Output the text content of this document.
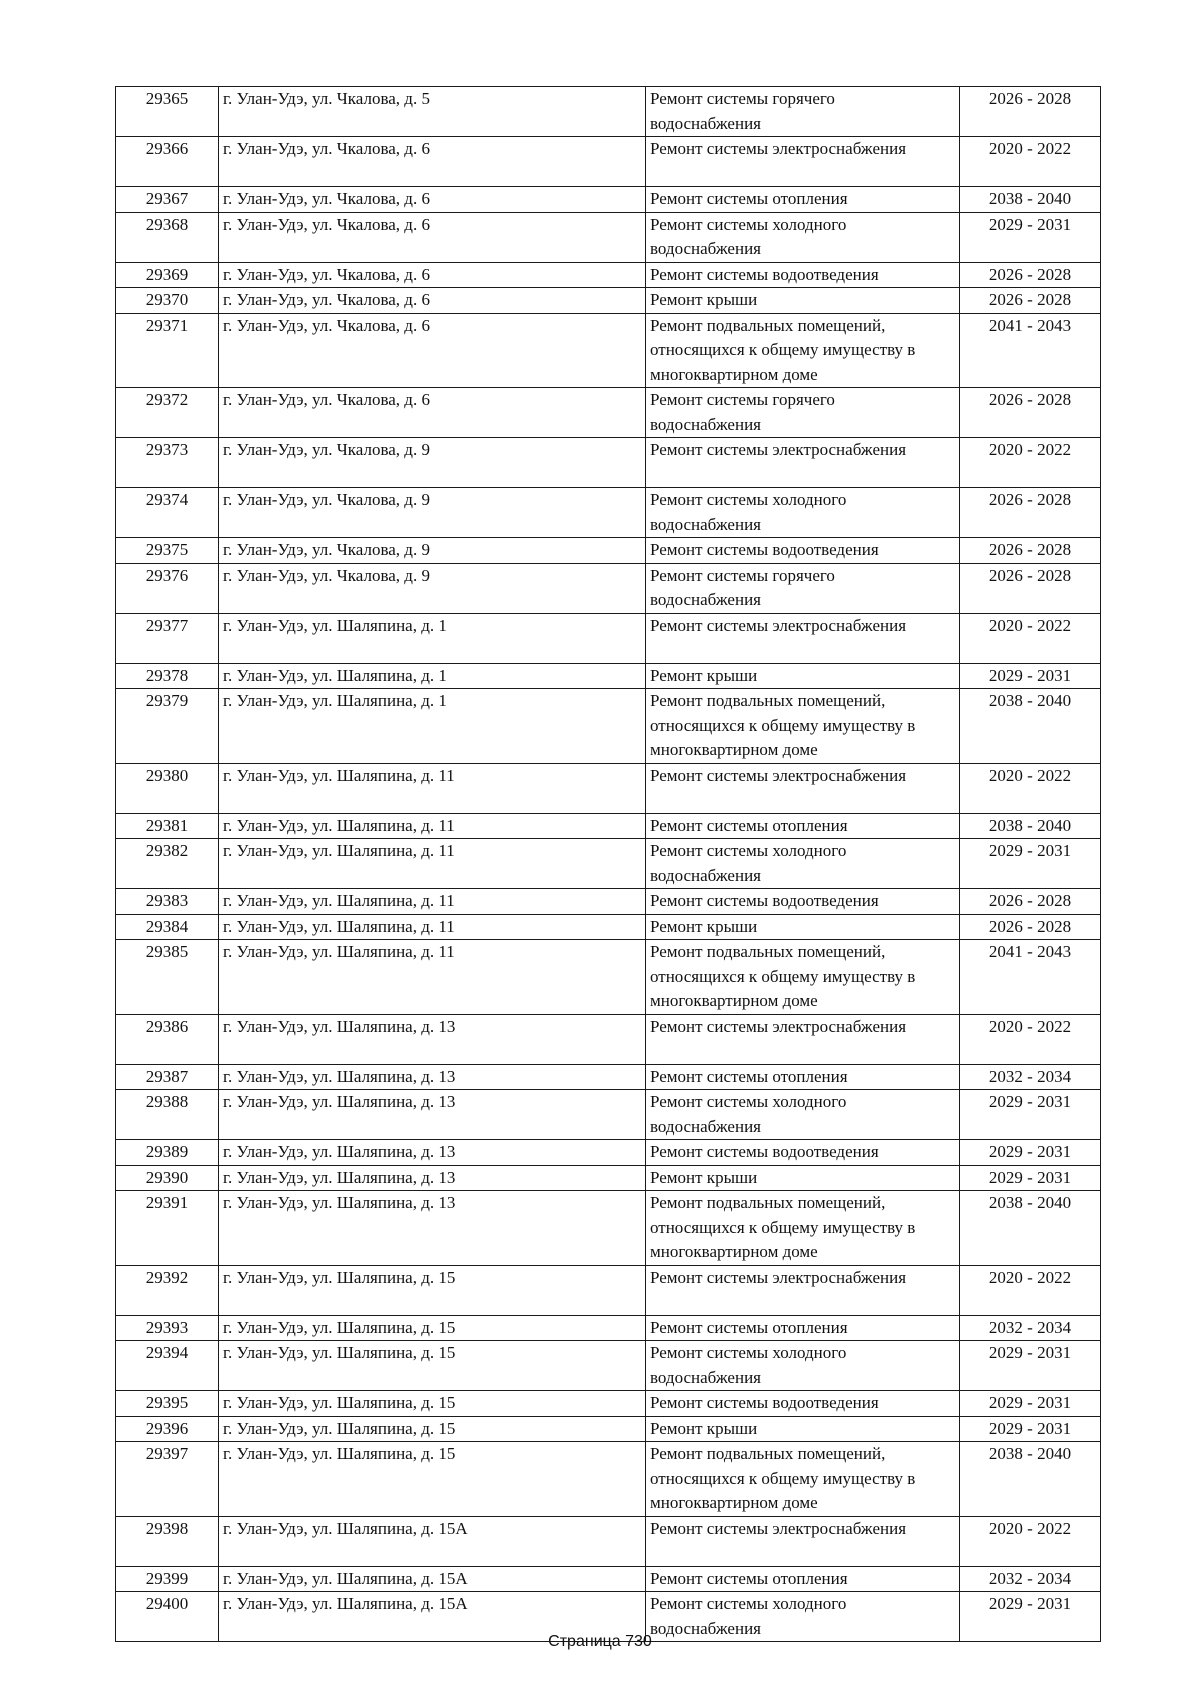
29365	г. Улан-Удэ, ул. Чкалова, д. 5	Ремонт системы горячего
водоснабжения	2026 - 2028
29366	г. Улан-Удэ, ул. Чкалова, д. 6	Ремонт системы электроснабжения	2020 - 2022
29367	г. Улан-Удэ, ул. Чкалова, д. 6	Ремонт системы отопления	2038 - 2040
29368	г. Улан-Удэ, ул. Чкалова, д. 6	Ремонт системы холодного
водоснабжения	2029 - 2031
29369	г. Улан-Удэ, ул. Чкалова, д. 6	Ремонт системы водоотведения	2026 - 2028
29370	г. Улан-Удэ, ул. Чкалова, д. 6	Ремонт крыши	2026 - 2028
29371	г. Улан-Удэ, ул. Чкалова, д. 6	Ремонт подвальных помещений,
относящихся к общему имуществу в
многоквартирном доме	2041 - 2043
29372	г. Улан-Удэ, ул. Чкалова, д. 6	Ремонт системы горячего
водоснабжения	2026 - 2028
29373	г. Улан-Удэ, ул. Чкалова, д. 9	Ремонт системы электроснабжения	2020 - 2022
29374	г. Улан-Удэ, ул. Чкалова, д. 9	Ремонт системы холодного
водоснабжения	2026 - 2028
29375	г. Улан-Удэ, ул. Чкалова, д. 9	Ремонт системы водоотведения	2026 - 2028
29376	г. Улан-Удэ, ул. Чкалова, д. 9	Ремонт системы горячего
водоснабжения	2026 - 2028
29377	г. Улан-Удэ, ул. Шаляпина, д. 1	Ремонт системы электроснабжения	2020 - 2022
29378	г. Улан-Удэ, ул. Шаляпина, д. 1	Ремонт крыши	2029 - 2031
29379	г. Улан-Удэ, ул. Шаляпина, д. 1	Ремонт подвальных помещений,
относящихся к общему имуществу в
многоквартирном доме	2038 - 2040
29380	г. Улан-Удэ, ул. Шаляпина, д. 11	Ремонт системы электроснабжения	2020 - 2022
29381	г. Улан-Удэ, ул. Шаляпина, д. 11	Ремонт системы отопления	2038 - 2040
29382	г. Улан-Удэ, ул. Шаляпина, д. 11	Ремонт системы холодного
водоснабжения	2029 - 2031
29383	г. Улан-Удэ, ул. Шаляпина, д. 11	Ремонт системы водоотведения	2026 - 2028
29384	г. Улан-Удэ, ул. Шаляпина, д. 11	Ремонт крыши	2026 - 2028
29385	г. Улан-Удэ, ул. Шаляпина, д. 11	Ремонт подвальных помещений,
относящихся к общему имуществу в
многоквартирном доме	2041 - 2043
29386	г. Улан-Удэ, ул. Шаляпина, д. 13	Ремонт системы электроснабжения	2020 - 2022
29387	г. Улан-Удэ, ул. Шаляпина, д. 13	Ремонт системы отопления	2032 - 2034
29388	г. Улан-Удэ, ул. Шаляпина, д. 13	Ремонт системы холодного
водоснабжения	2029 - 2031
29389	г. Улан-Удэ, ул. Шаляпина, д. 13	Ремонт системы водоотведения	2029 - 2031
29390	г. Улан-Удэ, ул. Шаляпина, д. 13	Ремонт крыши	2029 - 2031
29391	г. Улан-Удэ, ул. Шаляпина, д. 13	Ремонт подвальных помещений,
относящихся к общему имуществу в
многоквартирном доме	2038 - 2040
29392	г. Улан-Удэ, ул. Шаляпина, д. 15	Ремонт системы электроснабжения	2020 - 2022
29393	г. Улан-Удэ, ул. Шаляпина, д. 15	Ремонт системы отопления	2032 - 2034
29394	г. Улан-Удэ, ул. Шаляпина, д. 15	Ремонт системы холодного
водоснабжения	2029 - 2031
29395	г. Улан-Удэ, ул. Шаляпина, д. 15	Ремонт системы водоотведения	2029 - 2031
29396	г. Улан-Удэ, ул. Шаляпина, д. 15	Ремонт крыши	2029 - 2031
29397	г. Улан-Удэ, ул. Шаляпина, д. 15	Ремонт подвальных помещений,
относящихся к общему имуществу в
многоквартирном доме	2038 - 2040
29398	г. Улан-Удэ, ул. Шаляпина, д. 15А	Ремонт системы электроснабжения	2020 - 2022
29399	г. Улан-Удэ, ул. Шаляпина, д. 15А	Ремонт системы отопления	2032 - 2034
29400	г. Улан-Удэ, ул. Шаляпина, д. 15А	Ремонт системы холодного
водоснабжения	2029 - 2031
Страница 730
